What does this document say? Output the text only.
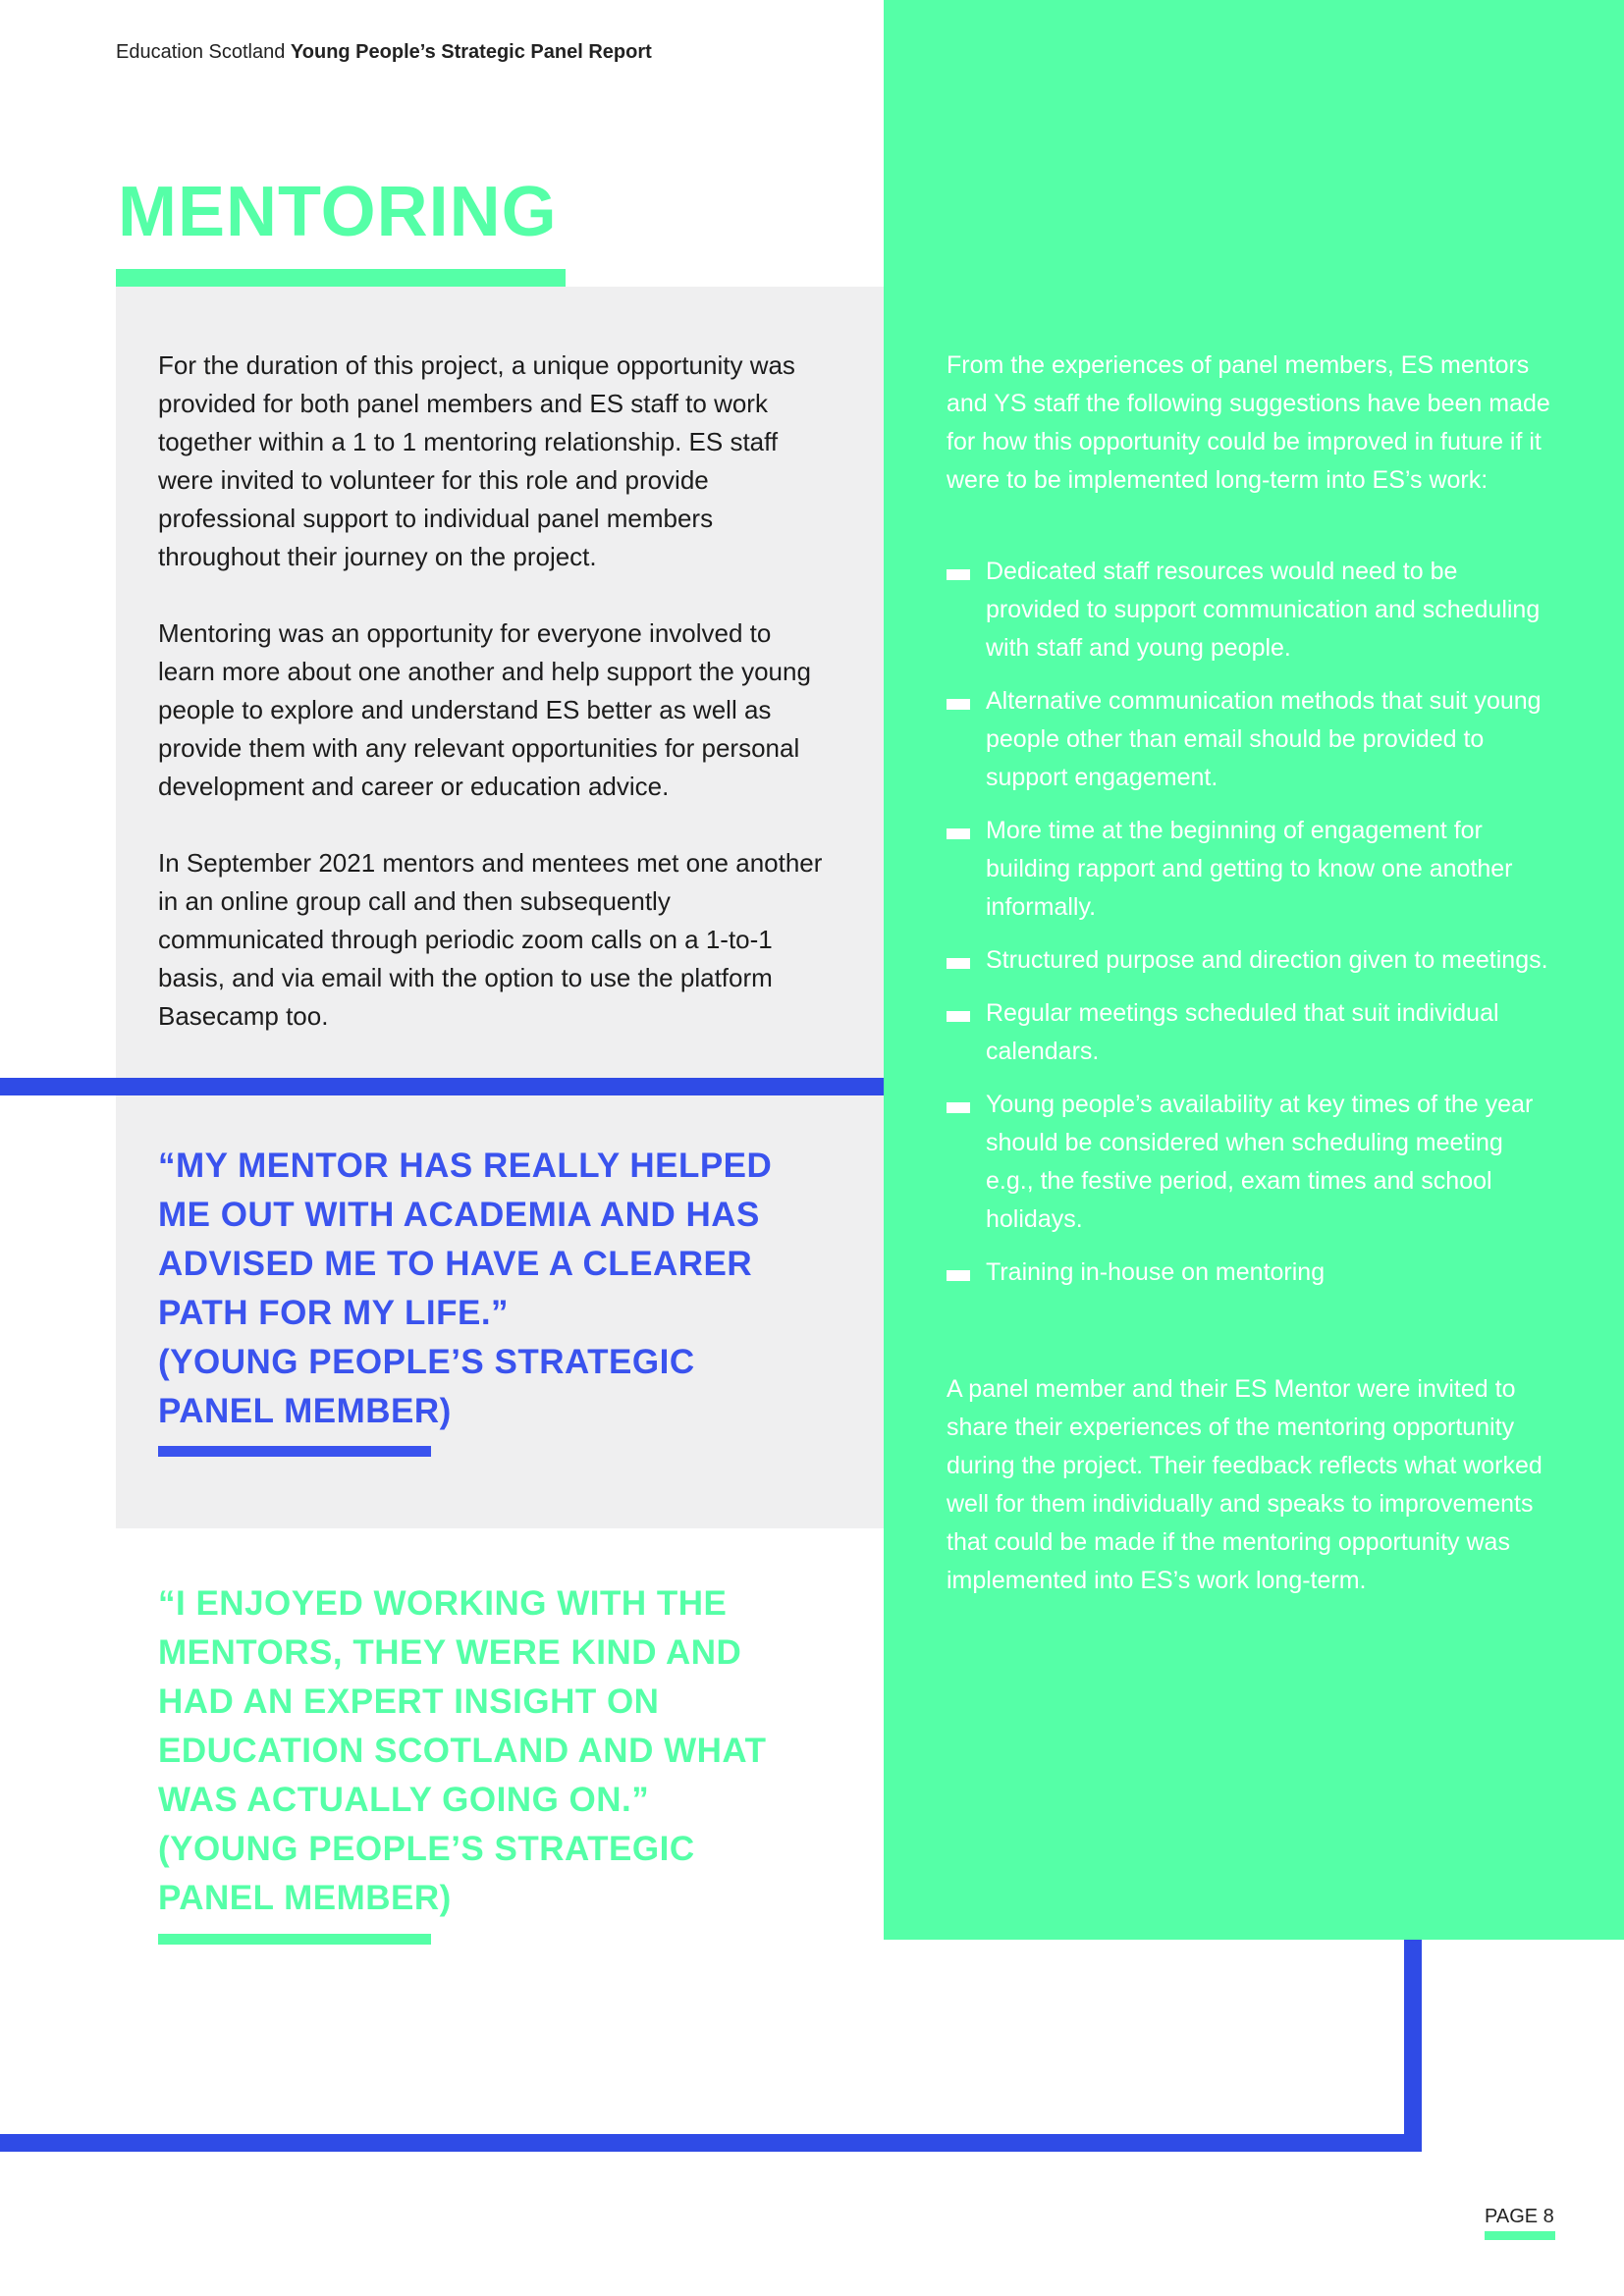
Education Scotland Young People’s Strategic Panel Report
MENTORING

For the duration of this project, a unique opportunity was provided for both panel members and ES staff to work together within a 1 to 1 mentoring relationship. ES staff were invited to volunteer for this role and provide professional support to individual panel members throughout their journey on the project.

Mentoring was an opportunity for everyone involved to learn more about one another and help support the young people to explore and understand ES better as well as provide them with any relevant opportunities for personal development and career or education advice.

In September 2021 mentors and mentees met one another in an online group call and then subsequently communicated through periodic zoom calls on a 1-to-1 basis, and via email with the option to use the platform Basecamp too.

“MY MENTOR HAS REALLY HELPED ME OUT WITH ACADEMIA AND HAS ADVISED ME TO HAVE A CLEARER PATH FOR MY LIFE.”
(YOUNG PEOPLE’S STRATEGIC PANEL MEMBER)
“I ENJOYED WORKING WITH THE MENTORS, THEY WERE KIND AND HAD AN EXPERT INSIGHT ON EDUCATION SCOTLAND AND WHAT WAS ACTUALLY GOING ON.”
(YOUNG PEOPLE’S STRATEGIC PANEL MEMBER)
From the experiences of panel members, ES mentors and YS staff the following suggestions have been made for how this opportunity could be improved in future if it were to be implemented long-term into ES’s work:
Dedicated staff resources would need to be provided to support communication and scheduling with staff and young people.
Alternative communication methods that suit young people other than email should be provided to support engagement.
More time at the beginning of engagement for building rapport and getting to know one another informally.
Structured purpose and direction given to meetings.
Regular meetings scheduled that suit individual calendars.
Young people’s availability at key times of the year should be considered when scheduling meeting e.g., the festive period, exam times and school holidays.
Training in-house on mentoring
A panel member and their ES Mentor were invited to share their experiences of the mentoring opportunity during the project. Their feedback reflects what worked well for them individually and speaks to improvements that could be made if the mentoring opportunity was implemented into ES’s work long-term.
PAGE 8
